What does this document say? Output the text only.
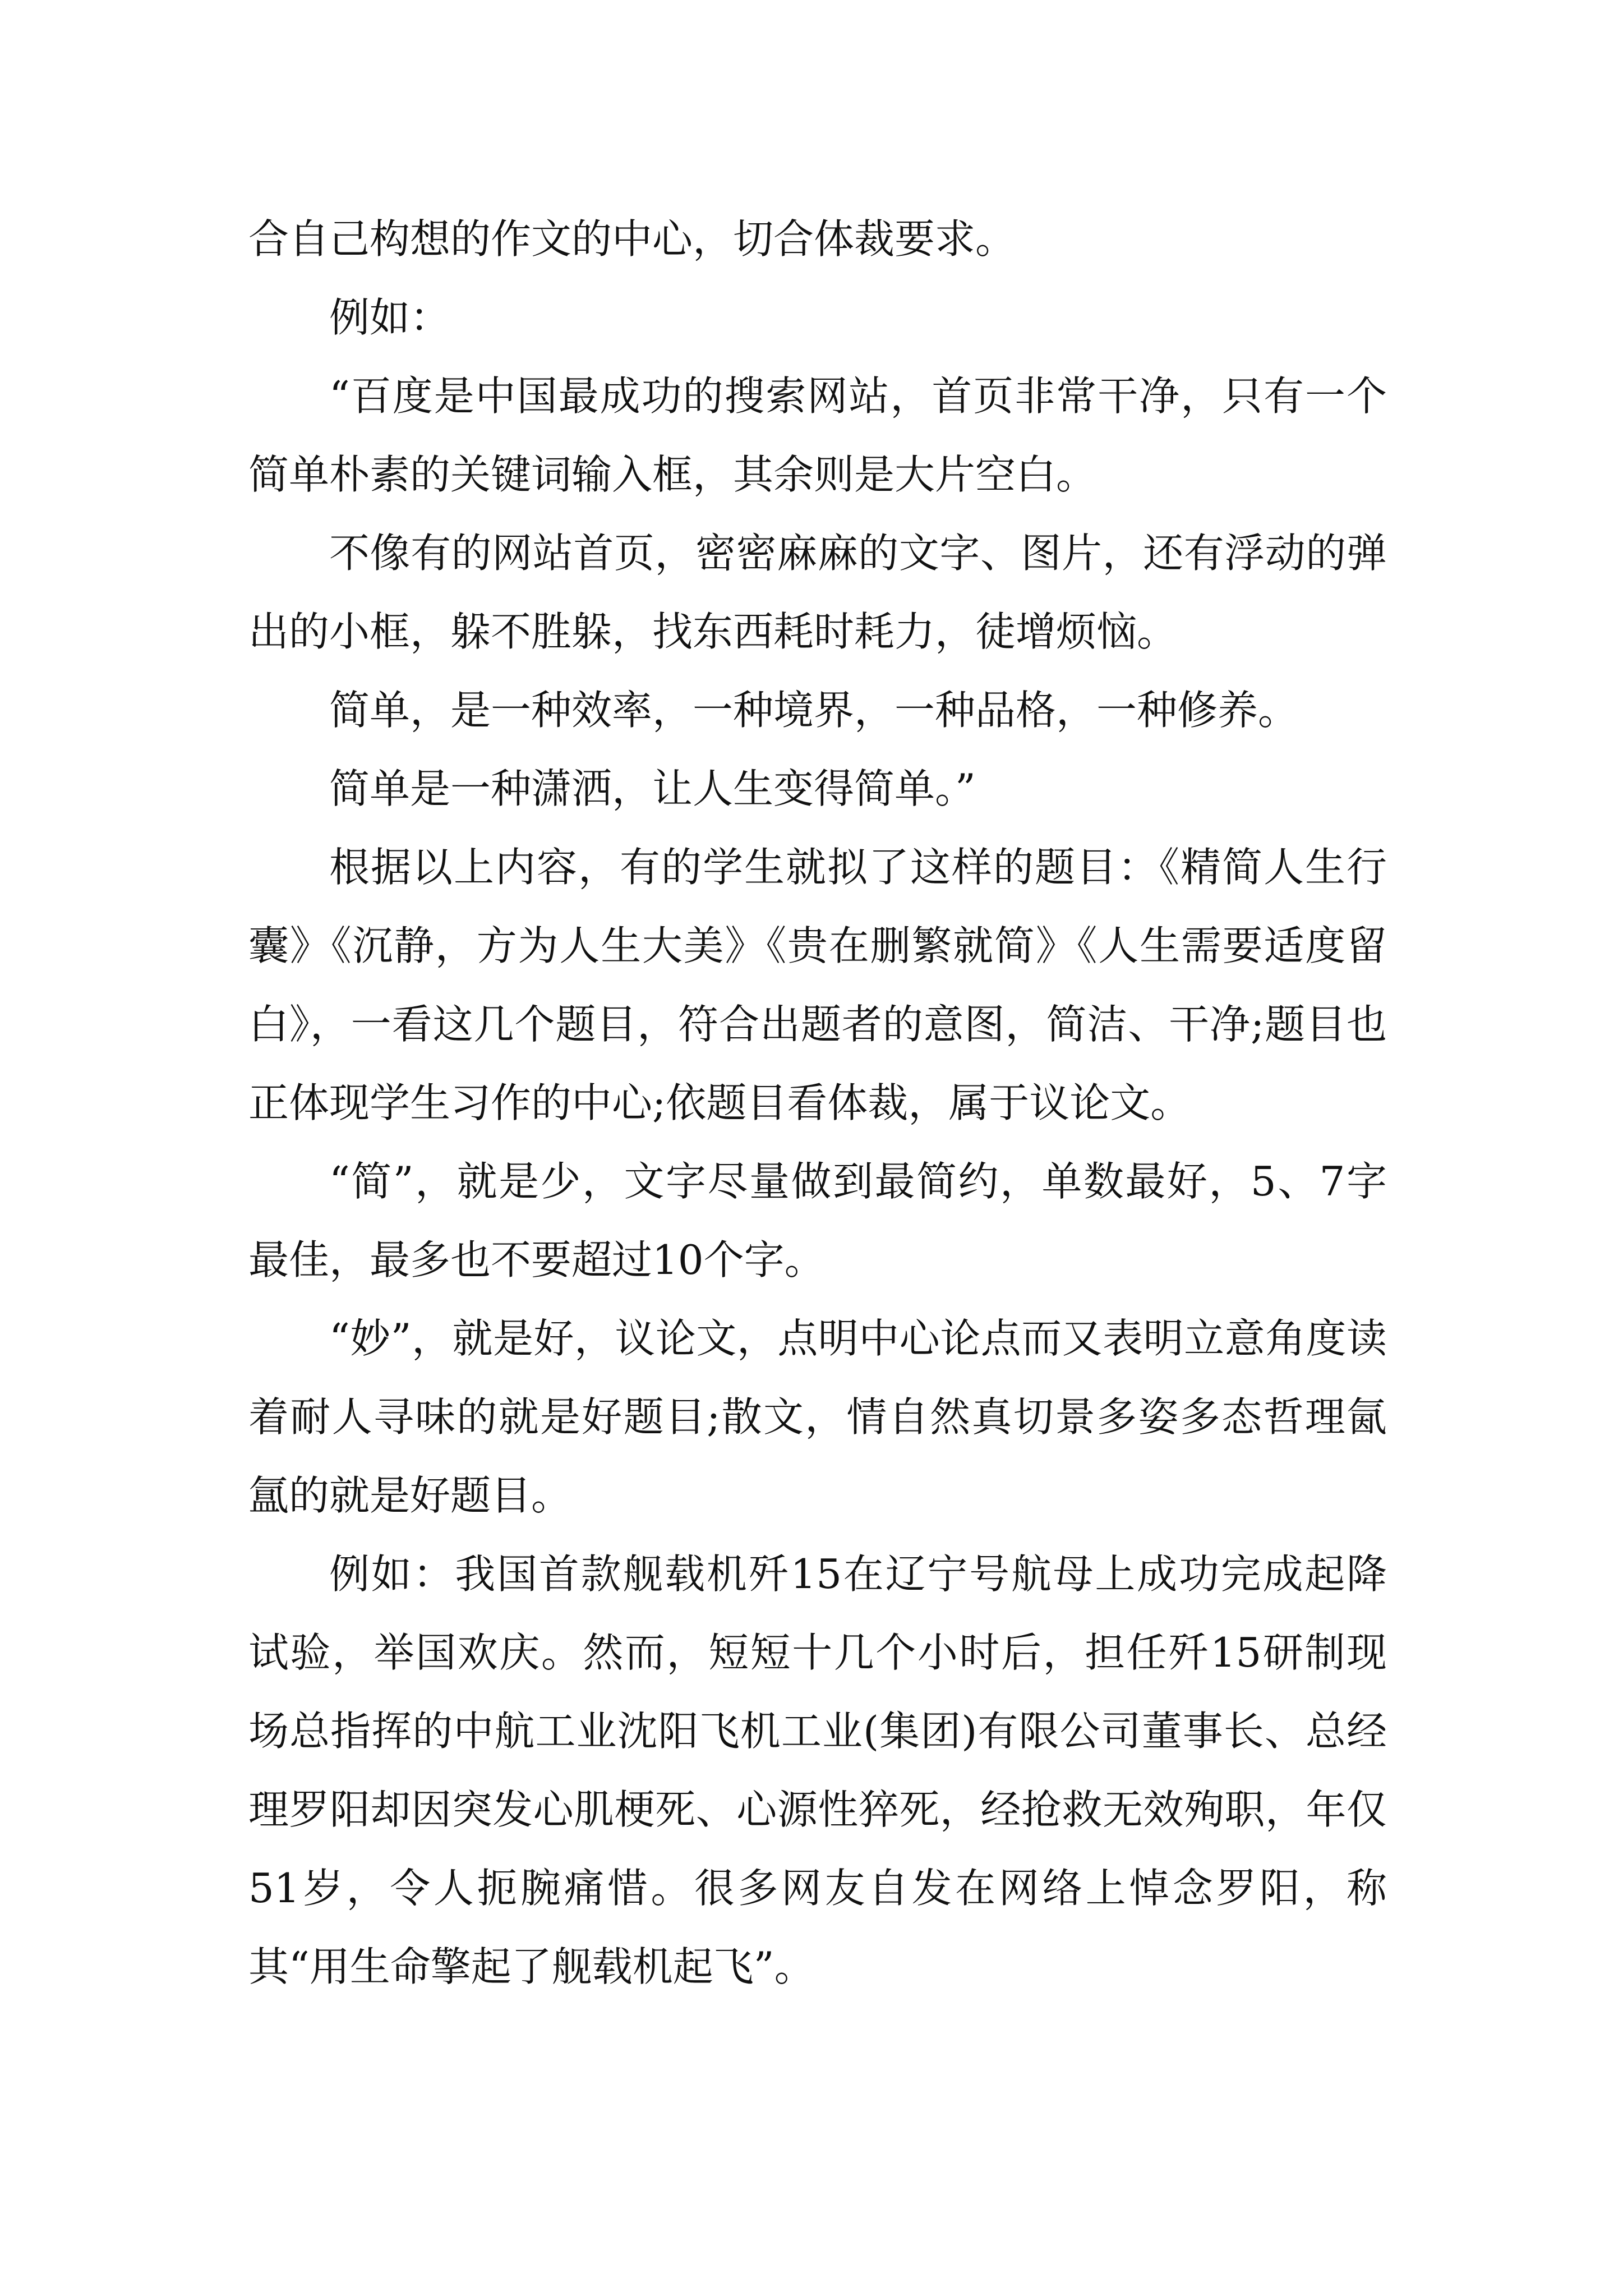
合自己构想的作文的中心，切合体裁要求。

例如：

“百度是中国最成功的搜索网站，首页非常干净，只有一个简单朴素的关键词输入框，其余则是大片空白。

不像有的网站首页，密密麻麻的文字、图片，还有浮动的弹出的小框，躲不胜躲，找东西耗时耗力，徒增烦恼。

简单，是一种效率，一种境界，一种品格，一种修养。

简单是一种潇洒，让人生变得简单。”

根据以上内容，有的学生就拟了这样的题目：《精简人生行囊》《沉静，方为人生大美》《贵在删繁就简》《人生需要适度留白》，一看这几个题目，符合出题者的意图，简洁、干净;题目也正体现学生习作的中心;依题目看体裁，属于议论文。

“简”，就是少，文字尽量做到最简约，单数最好，5、7字最佳，最多也不要超过10个字。

“妙”，就是好，议论文，点明中心论点而又表明立意角度读着耐人寻味的就是好题目;散文，情自然真切景多姿多态哲理氤氲的就是好题目。

例如：我国首款舰载机歼15在辽宁号航母上成功完成起降试验，举国欢庆。然而，短短十几个小时后，担任歼15研制现场总指挥的中航工业沈阳飞机工业(集团)有限公司董事长、总经理罗阳却因突发心肌梗死、心源性猝死，经抢救无效殉职，年仅51岁，令人扼腕痛惜。很多网友自发在网络上悼念罗阳，称其“用生命擎起了舰载机起飞”。
